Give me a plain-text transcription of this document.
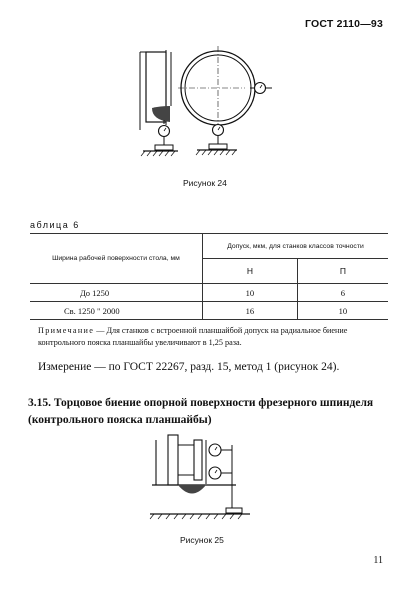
ГОСТ 2110—93
Рисунок 24
аблица 6
Ширина рабочей поверхности стола, мм	Допуск, мкм, для станков классов точности	
	Н	П
До 1250	10	6
Св. 1250 " 2000	16	10
Примечание — Для станков с встроенной планшайбой допуск на радиальное биение контрольного пояска планшайбы увеличивают в 1,25 раза.
Измерение — по ГОСТ 22267, разд. 15, метод 1 (рисунок 24).
3.15. Торцовое биение опорной поверхности фрезерного шпинделя (контрольного пояска планшайбы)
Рисунок 25
11
